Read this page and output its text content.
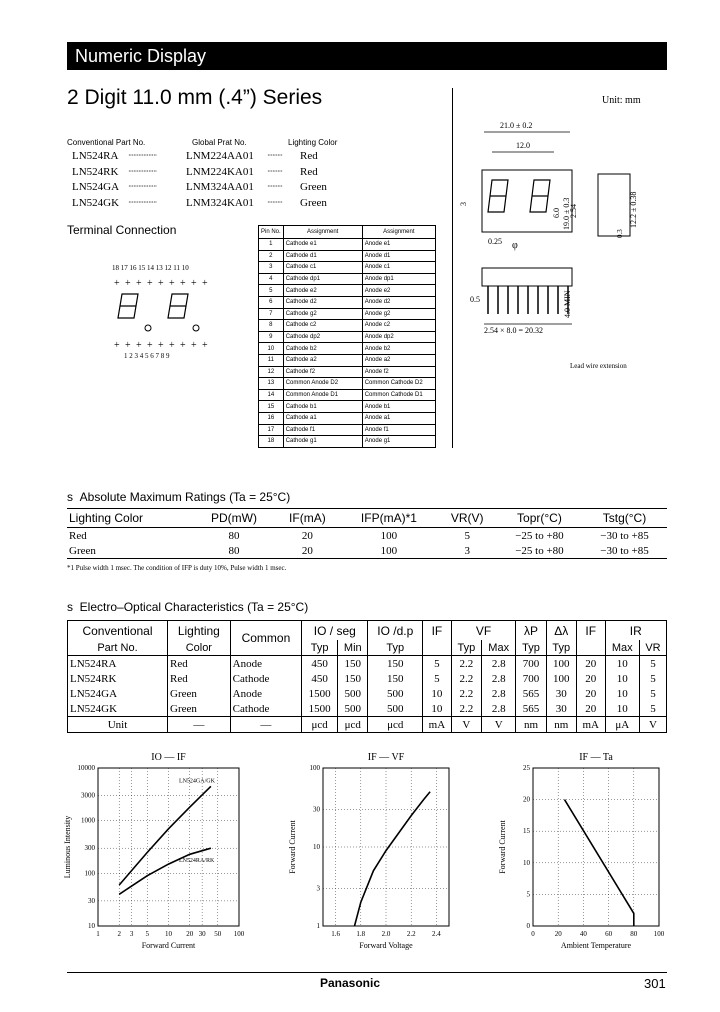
Numeric Display
2 Digit 11.0 mm (.4”) Series	Unit: mm
Conventional Part No.	Global Prat No.	Lighting Color
LN524RA ·················	LNM224AA01 ········· Red
LN524RK ·················	LNM224KA01 ········· Red
LN524GA ·················	LNM324AA01 ········· Green
LN524GK ·················	LNM324KA01 ········· Green
Terminal Connection
18 17 16 15 14 13 12 11 10
+ + + + + + + + +
+ + + + + + + + +
1 2 3 4 5 6 7 8 9
Pin No.	Assignment	Assignment
1	Cathode e1	Anode e1
2	Cathode d1	Anode d1
3	Cathode c1	Anode c1
4	Cathode dp1	Anode dp1
5	Cathode e2	Anode e2
6	Cathode d2	Anode d2
7	Cathode g2	Anode g2
8	Cathode c2	Anode c2
9	Cathode dp2	Anode dp2
10	Cathode b2	Anode b2
11	Cathode a2	Anode a2
12	Cathode f2	Anode f2
13	Common Anode D2	Common Cathode D2
14	Common Anode D1	Common Cathode D1
15	Cathode b1	Anode b1
16	Cathode a1	Anode a1
17	Cathode f1	Anode f1
18	Cathode g1	Anode g1
21.0 ± 0.2
12.0
3
0.25 φ
19.0 ± 0.3
6.0	12.2 ± 0.38
0.3
2.54
0.5	4.0 MIN
2.54 × 8.0 = 20.32
Lead wire extension
s  Absolute Maximum Ratings (Ta = 25°C)
Lighting Color	PD(mW)	IF(mA)	IFP(mA)*1	VR(V)	Topr(°C)	Tstg(°C)
Red	80	20	100	5	−25 to +80	−30 to +85
Green	80	20	100	3	−25 to +80	−30 to +85
*1 Pulse width 1 msec. The condition of IFP is duty 10%, Pulse width 1 msec.
s  Electro–Optical Characteristics (Ta = 25°C)
Conventional	Lighting	Common	IO / seg		IO /d.p	IF	VF		λP	Δλ	IF	IR	
Part No.	Color		Typ	Min	Typ		Typ	Max	Typ	Typ		Max	VR
LN524RA	Red	Anode	450	150	150	5	2.2	2.8	700	100	20	10	5
LN524RK	Red	Cathode	450	150	150	5	2.2	2.8	700	100	20	10	5
LN524GA	Green	Anode	1500	500	500	10	2.2	2.8	565	30	20	10	5
LN524GK	Green	Cathode	1500	500	500	10	2.2	2.8	565	30	20	10	5
Unit	—	—	μcd	μcd	μcd	mA	V	V	nm	nm	mA	μA	V
1	2 3 5 10 20 30 50 100
10
30
100
300
1000
3000
10000
IO — IF
Forward Current
Luminous Intensity
LN524GA/GK
LN524RA/RK
1.6 1.8 2.0 2.2 2.4
1
3
10
30
100
IF — VF
Forward Voltage
Forward Current
0	20	40	60	80 100
0
5
10
15
20
25
IF — Ta
Ambient Temperature
Forward Current
Panasonic	301
